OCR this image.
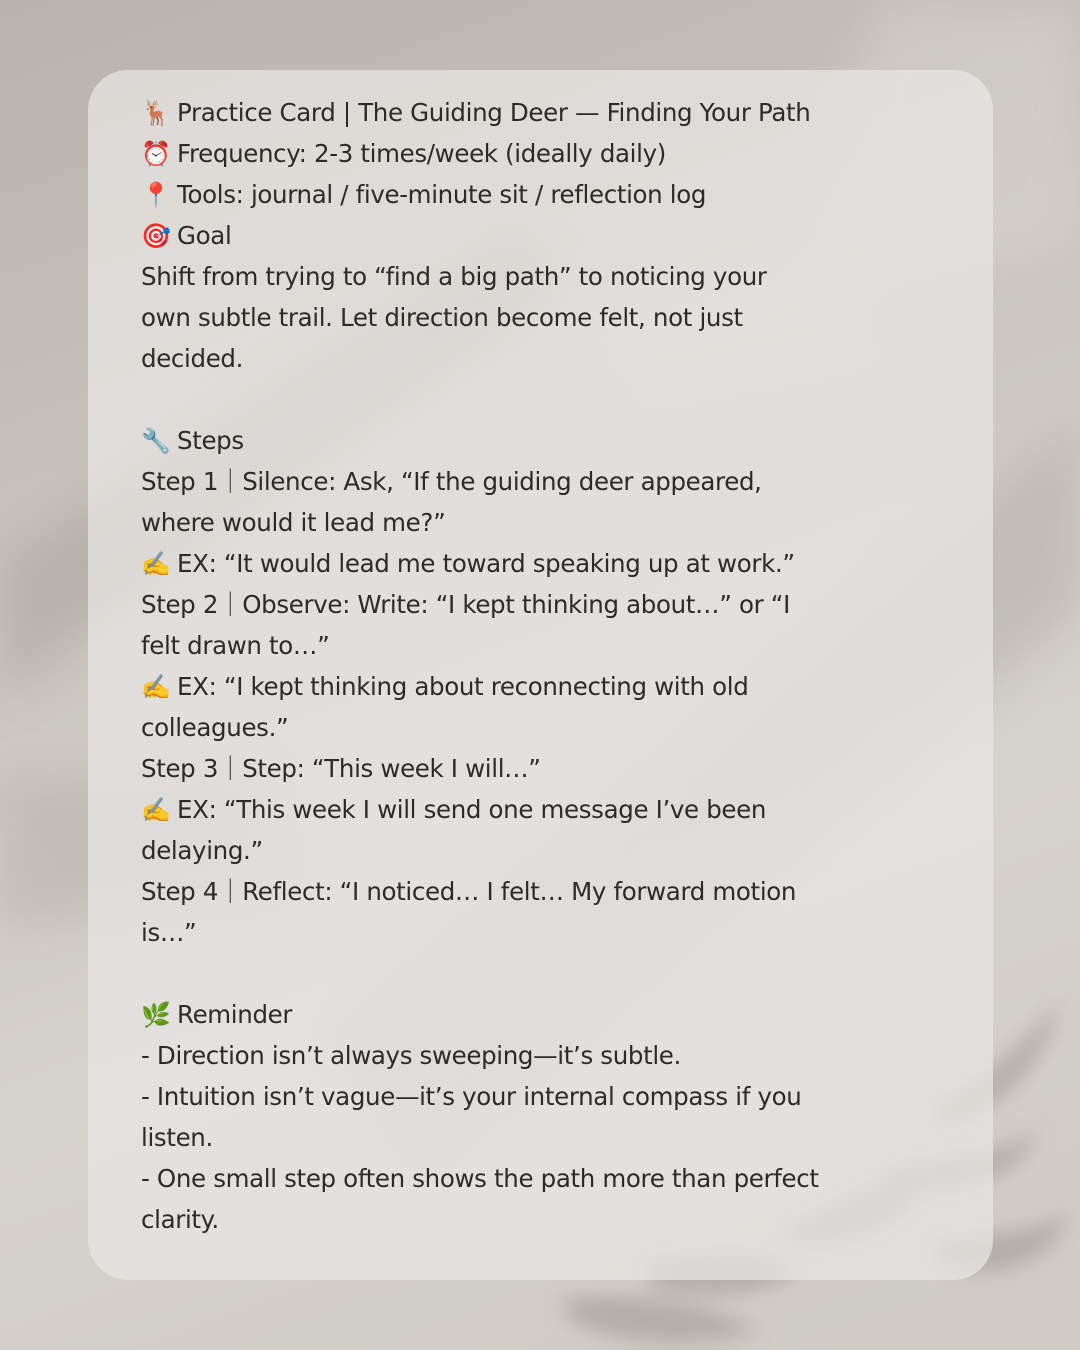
🦌 Practice Card | The Guiding Deer — Finding Your Path
⏰ Frequency: 2-3 times/week (ideally daily)
📍 Tools: journal / five-minute sit / reflection log
🎯 Goal
Shift from trying to “find a big path” to noticing your
own subtle trail. Let direction become felt, not just
decided.
🔧 Steps
Step 1｜Silence: Ask, “If the guiding deer appeared,
where would it lead me?”
✍️ EX: “It would lead me toward speaking up at work.”
Step 2｜Observe: Write: “I kept thinking about…” or “I
felt drawn to…”
✍️ EX: “I kept thinking about reconnecting with old
colleagues.”
Step 3｜Step: “This week I will…”
✍️ EX: “This week I will send one message I’ve been
delaying.”
Step 4｜Reflect: “I noticed… I felt… My forward motion
is…”
🌿 Reminder
- Direction isn’t always sweeping—it’s subtle.
- Intuition isn’t vague—it’s your internal compass if you
listen.
- One small step often shows the path more than perfect
clarity.
